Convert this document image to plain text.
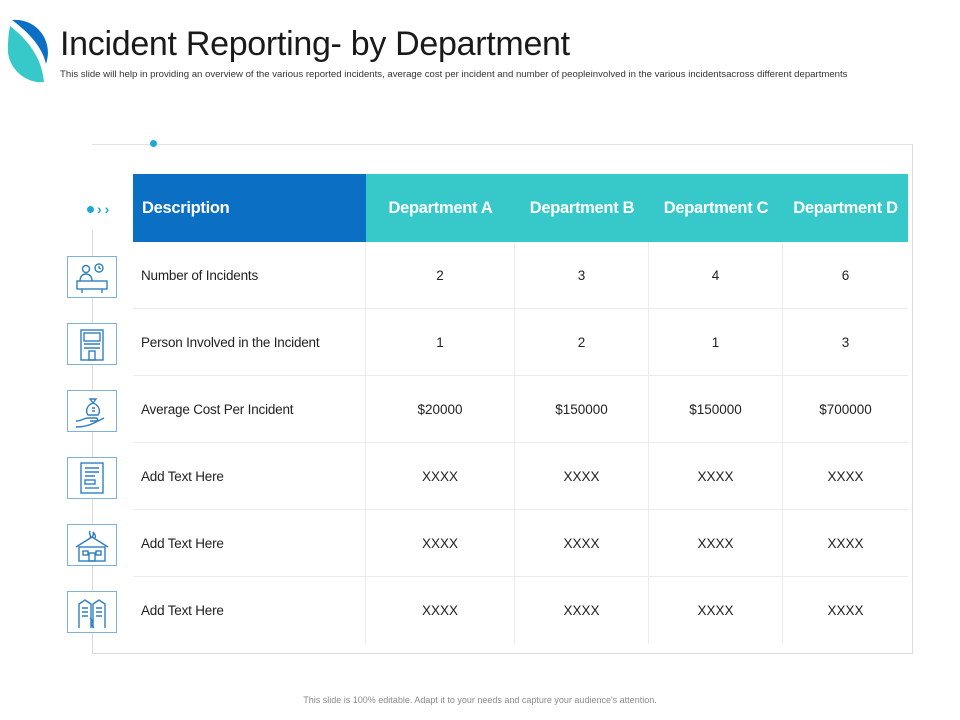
Incident Reporting- by Department

This slide will help in providing an overview of the various reported incidents, average cost per incident and number of peopleinvolved in the various incidentsacross different departments

› ›	Description	Department A	Department B	Department C	Department D
Number of Incidents	2	3	4	6
Person Involved in the Incident	1	2	1	3
Average Cost Per Incident	$20000	$150000	$150000	$700000
Add Text Here	XXXX	XXXX	XXXX	XXXX
Add Text Here	XXXX	XXXX	XXXX	XXXX
Add Text Here	XXXX	XXXX	XXXX	XXXX
This slide is 100% editable. Adapt it to your needs and capture your audience's attention.
